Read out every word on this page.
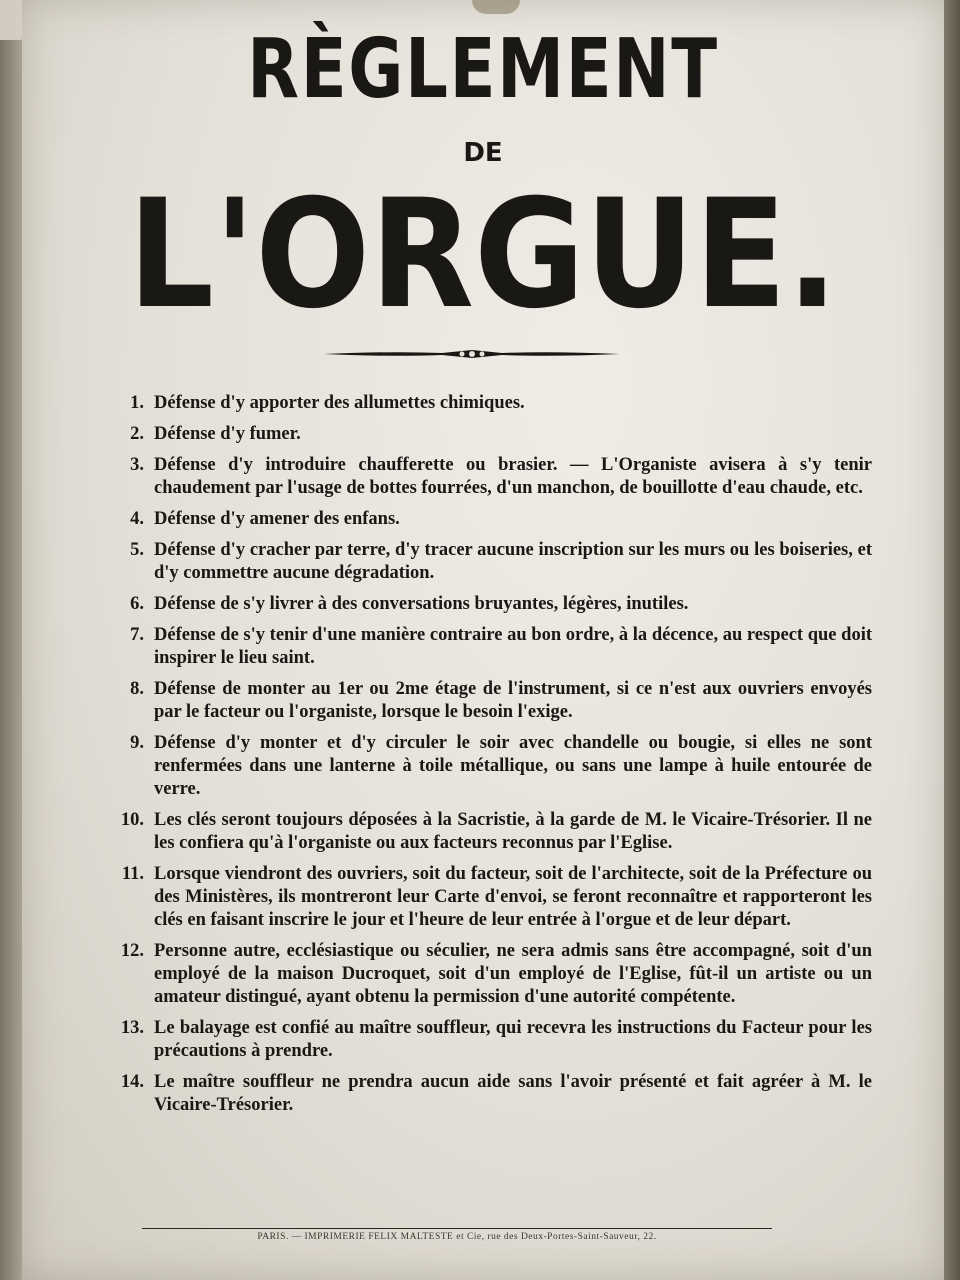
RÈGLEMENT
DE
L'ORGUE.
1. Défense d'y apporter des allumettes chimiques.
2. Défense d'y fumer.
3. Défense d'y introduire chaufferette ou brasier. — L'Organiste avisera à s'y tenir chaudement par l'usage de bottes fourrées, d'un manchon, de bouillotte d'eau chaude, etc.
4. Défense d'y amener des enfans.
5. Défense d'y cracher par terre, d'y tracer aucune inscription sur les murs ou les boiseries, et d'y commettre aucune dégradation.
6. Défense de s'y livrer à des conversations bruyantes, légères, inutiles.
7. Défense de s'y tenir d'une manière contraire au bon ordre, à la décence, au respect que doit inspirer le lieu saint.
8. Défense de monter au 1er ou 2me étage de l'instrument, si ce n'est aux ouvriers envoyés par le facteur ou l'organiste, lorsque le besoin l'exige.
9. Défense d'y monter et d'y circuler le soir avec chandelle ou bougie, si elles ne sont renfermées dans une lanterne à toile métallique, ou sans une lampe à huile entourée de verre.
10. Les clés seront toujours déposées à la Sacristie, à la garde de M. le Vicaire-Trésorier. Il ne les confiera qu'à l'organiste ou aux facteurs reconnus par l'Eglise.
11. Lorsque viendront des ouvriers, soit du facteur, soit de l'architecte, soit de la Préfecture ou des Ministères, ils montreront leur Carte d'envoi, se feront reconnaître et rapporteront les clés en faisant inscrire le jour et l'heure de leur entrée à l'orgue et de leur départ.
12. Personne autre, ecclésiastique ou séculier, ne sera admis sans être accompagné, soit d'un employé de la maison Ducroquet, soit d'un employé de l'Eglise, fût-il un artiste ou un amateur distingué, ayant obtenu la permission d'une autorité compétente.
13. Le balayage est confié au maître souffleur, qui recevra les instructions du Facteur pour les précautions à prendre.
14. Le maître souffleur ne prendra aucun aide sans l'avoir présenté et fait agréer à M. le Vicaire-Trésorier.
PARIS. — IMPRIMERIE FELIX MALTESTE et Cie, rue des Deux-Portes-Saint-Sauveur, 22.
